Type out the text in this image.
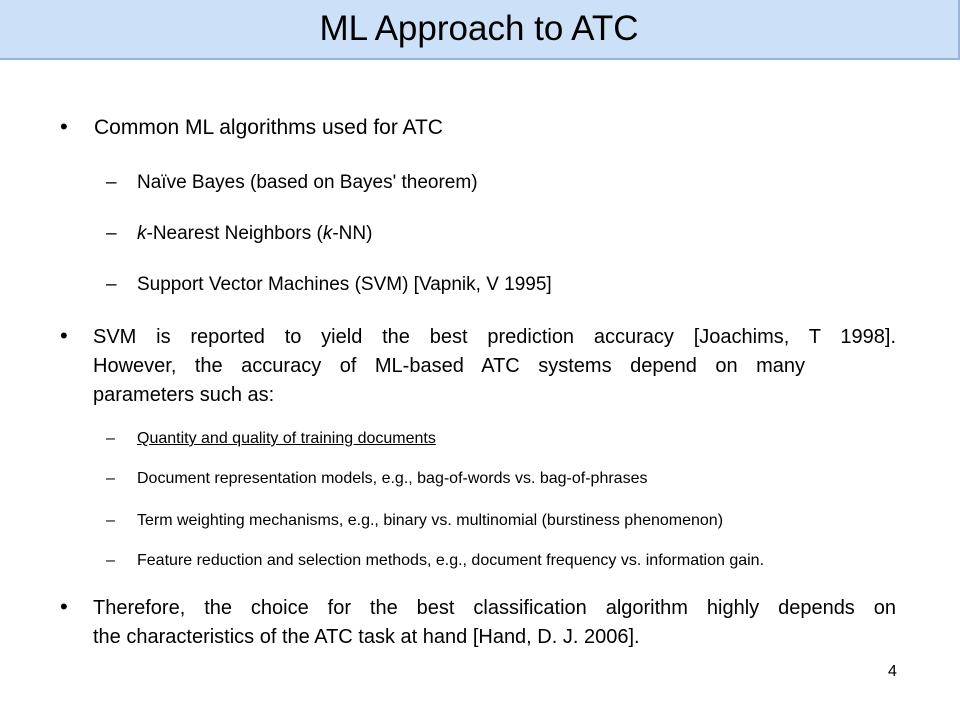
ML Approach to ATC
• Common ML algorithms used for ATC
– Naïve Bayes (based on Bayes' theorem)
– k-Nearest Neighbors (k-NN)
– Support Vector Machines (SVM) [Vapnik, V 1995]
• SVM is reported to yield the best prediction accuracy [Joachims, T 1998].
However, the accuracy of ML-based ATC systems depend on many
parameters such as:
– Quantity and quality of training documents
– Document representation models, e.g., bag-of-words vs. bag-of-phrases
– Term weighting mechanisms, e.g., binary vs. multinomial (burstiness phenomenon)
– Feature reduction and selection methods, e.g., document frequency vs. information gain.
• Therefore, the choice for the best classification algorithm highly depends on
the characteristics of the ATC task at hand [Hand, D. J. 2006].
4
